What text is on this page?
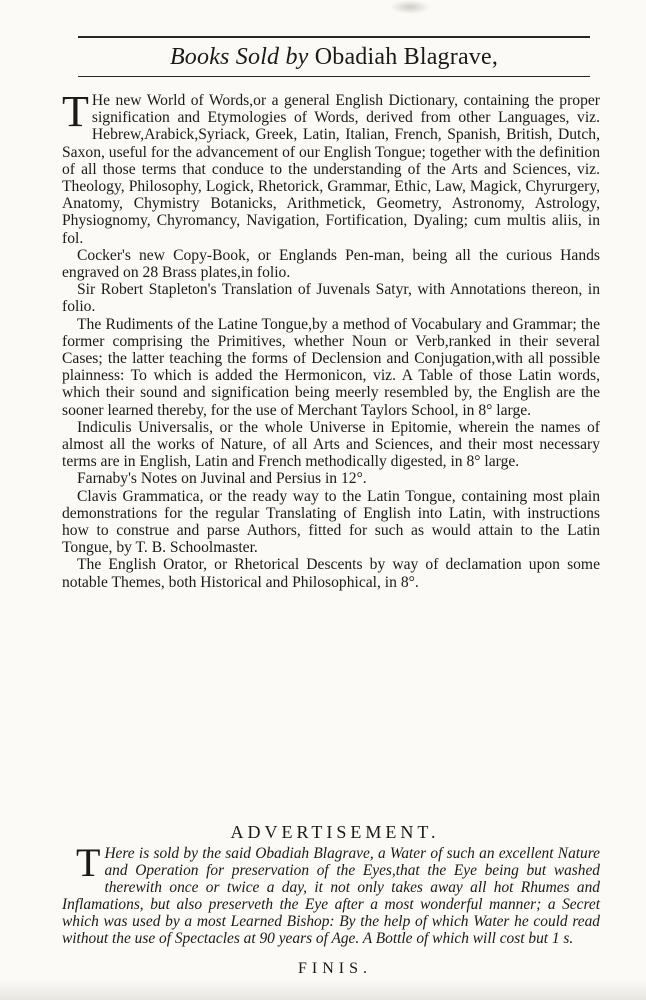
Books Sold by Obadiah Blagrave,

T He new World of Words,or a general English Dictionary, containing the proper signification and Etymologies of Words, derived from other Languages, viz. Hebrew,Arabick,Syriack, Greek, Latin, Italian, French, Spanish, British, Dutch, Saxon, useful for the advancement of our English Tongue; together with the definition of all those terms that conduce to the understanding of the Arts and Sciences, viz. Theology, Philosophy, Logick, Rhetorick, Grammar, Ethic, Law, Magick, Chyrurgery, Anatomy, Chymistry Botanicks, Arithmetick, Geometry, Astronomy, Astrology, Physiognomy, Chyromancy, Navigation, Fortification, Dyaling; cum multis aliis, in fol.

Cocker's new Copy-Book, or Englands Pen-man, being all the curious Hands engraved on 28 Brass plates,in folio.

Sir Robert Stapleton's Translation of Juvenals Satyr, with Annotations thereon, in folio.

The Rudiments of the Latine Tongue,by a method of Vocabulary and Grammar; the former comprising the Primitives, whether Noun or Verb,ranked in their several Cases; the latter teaching the forms of Declension and Conjugation,with all possible plainness: To which is added the Hermonicon, viz. A Table of those Latin words, which their sound and signification being meerly resembled by, the English are the sooner learned thereby, for the use of Merchant Taylors School, in 8° large.

Indiculis Universalis, or the whole Universe in Epitomie, wherein the names of almost all the works of Nature, of all Arts and Sciences, and their most necessary terms are in English, Latin and French methodically digested, in 8° large.

Farnaby's Notes on Juvinal and Persius in 12°.

Clavis Grammatica, or the ready way to the Latin Tongue, containing most plain demonstrations for the regular Translating of English into Latin, with instructions how to construe and parse Authors, fitted for such as would attain to the Latin Tongue, by T. B. Schoolmaster.

The English Orator, or Rhetorical Descents by way of declamation upon some notable Themes, both Historical and Philosophical, in 8°.

ADVERTISEMENT.
T Here is sold by the said Obadiah Blagrave, a Water of such an excellent Nature and Operation for preservation of the Eyes,that the Eye being but washed therewith once or twice a day, it not only takes away all hot Rhumes and Inflamations, but also preserveth the Eye after a most wonderful manner; a Secret which was used by a most Learned Bishop: By the help of which Water he could read without the use of Spectacles at 90 years of Age. A Bottle of which will cost but 1 s.
FINIS.
